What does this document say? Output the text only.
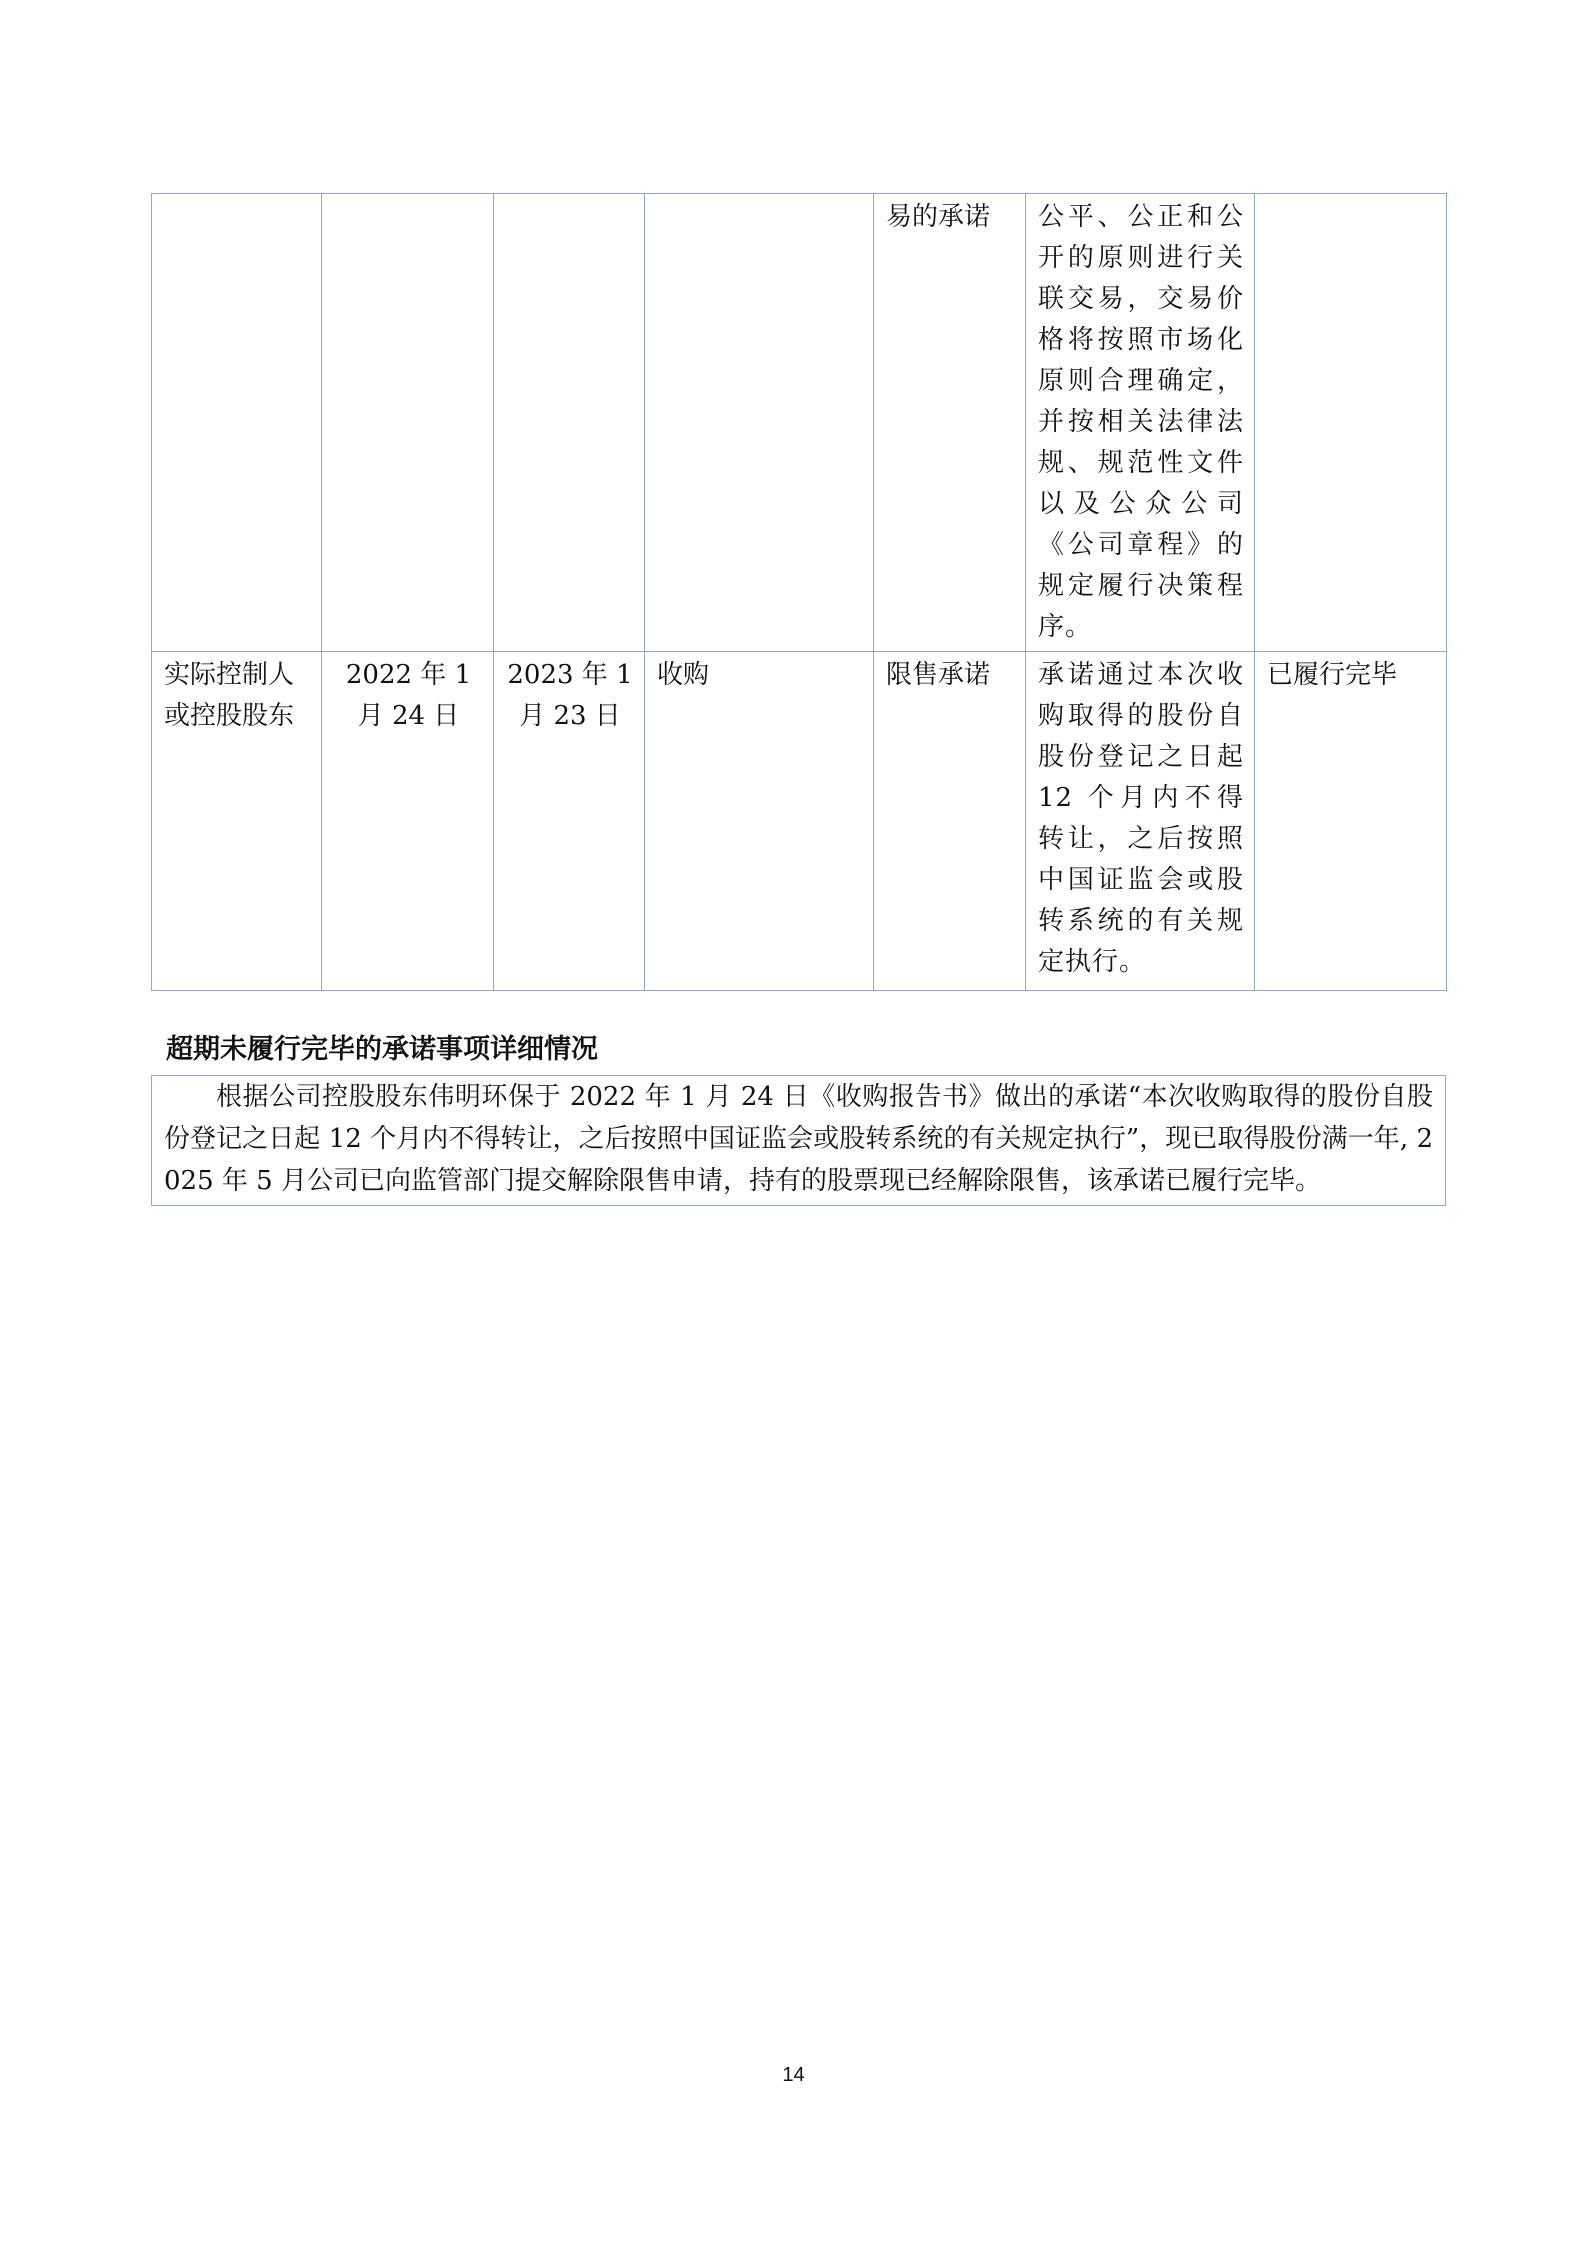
				易的承诺	公平、公正和公开的原则进行关联交易，交易价格将按照市场化原则合理确定，并按相关法律法规、规范性文件以及公众公司《公司章程》的规定履行决策程序。	
实际控制人或控股股东	2022 年 1 月 24 日	2023 年 1 月 23 日	收购	限售承诺	承诺通过本次收购取得的股份自股份登记之日起 12 个月内不得转让，之后按照中国证监会或股转系统的有关规定执行。	已履行完毕
超期未履行完毕的承诺事项详细情况
根据公司控股股东伟明环保于 2022 年 1 月 24 日《收购报告书》做出的承诺“本次收购取得的股份自股份登记之日起 12 个月内不得转让，之后按照中国证监会或股转系统的有关规定执行”，现已取得股份满一年, 2025 年 5 月公司已向监管部门提交解除限售申请，持有的股票现已经解除限售，该承诺已履行完毕。
14
